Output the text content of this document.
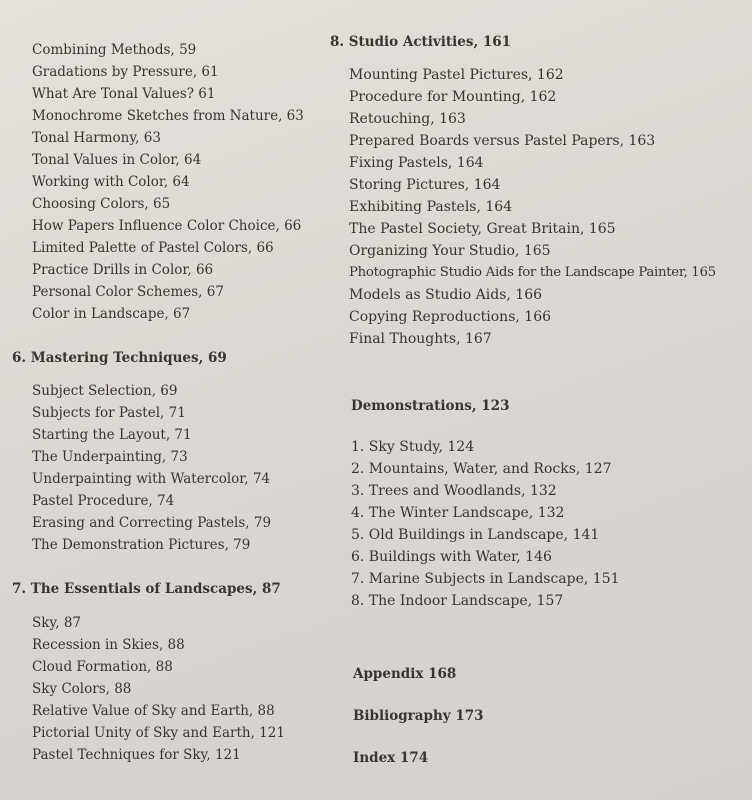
Combining Methods, 59
Gradations by Pressure, 61
What Are Tonal Values? 61
Monochrome Sketches from Nature, 63
Tonal Harmony, 63
Tonal Values in Color, 64
Working with Color, 64
Choosing Colors, 65
How Papers Influence Color Choice, 66
Limited Palette of Pastel Colors, 66
Practice Drills in Color, 66
Personal Color Schemes, 67
Color in Landscape, 67
6. Mastering Techniques, 69
Subject Selection, 69
Subjects for Pastel, 71
Starting the Layout, 71
The Underpainting, 73
Underpainting with Watercolor, 74
Pastel Procedure, 74
Erasing and Correcting Pastels, 79
The Demonstration Pictures, 79
7. The Essentials of Landscapes, 87
Sky, 87
Recession in Skies, 88
Cloud Formation, 88
Sky Colors, 88
Relative Value of Sky and Earth, 88
Pictorial Unity of Sky and Earth, 121
Pastel Techniques for Sky, 121
8. Studio Activities, 161
Mounting Pastel Pictures, 162
Procedure for Mounting, 162
Retouching, 163
Prepared Boards versus Pastel Papers, 163
Fixing Pastels, 164
Storing Pictures, 164
Exhibiting Pastels, 164
The Pastel Society, Great Britain, 165
Organizing Your Studio, 165
Photographic Studio Aids for the Landscape Painter, 165
Models as Studio Aids, 166
Copying Reproductions, 166
Final Thoughts, 167
Demonstrations, 123
1. Sky Study, 124
2. Mountains, Water, and Rocks, 127
3. Trees and Woodlands, 132
4. The Winter Landscape, 132
5. Old Buildings in Landscape, 141
6. Buildings with Water, 146
7. Marine Subjects in Landscape, 151
8. The Indoor Landscape, 157
Appendix 168
Bibliography 173
Index 174
